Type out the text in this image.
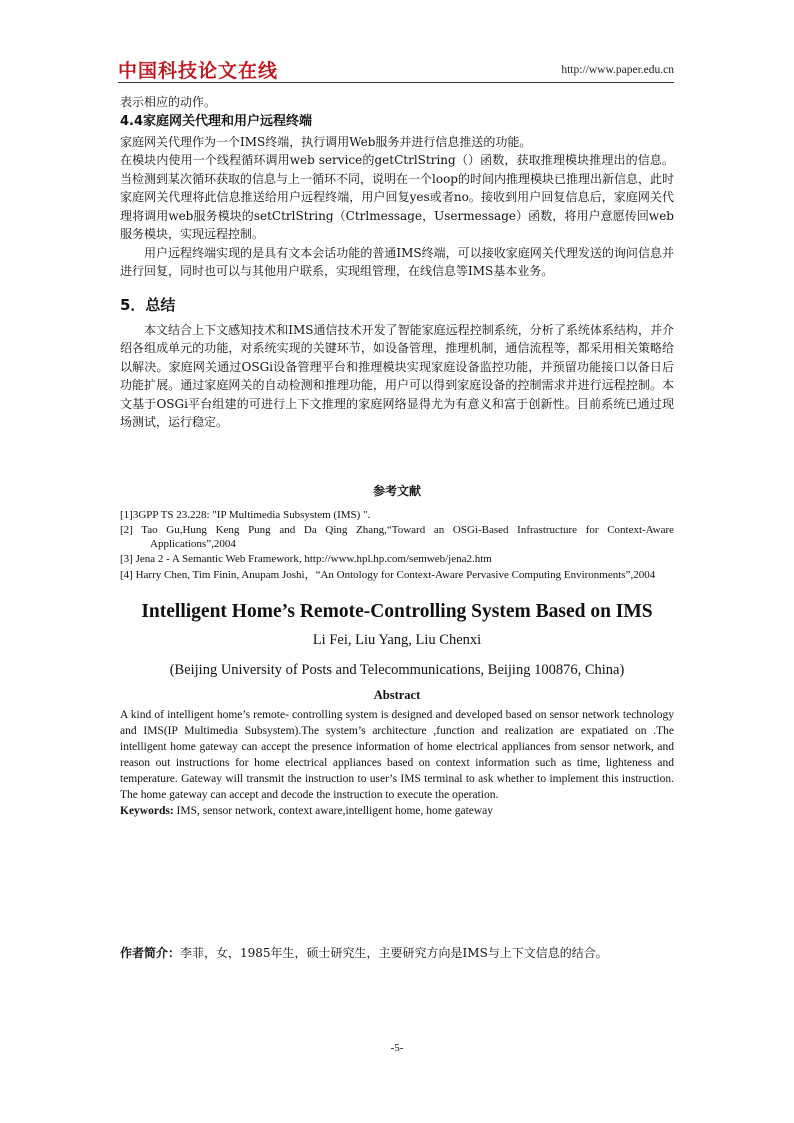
中国科技论文在线	http://www.paper.edu.cn

表示相应的动作。

4.4家庭网关代理和用户远程终端

家庭网关代理作为一个IMS终端，执行调用Web服务并进行信息推送的功能。

在模块内使用一个线程循环调用web service的getCtrlString（）函数，获取推理模块推理出的信息。当检测到某次循环获取的信息与上一循环不同，说明在一个loop的时间内推理模块已推理出新信息，此时家庭网关代理将此信息推送给用户远程终端，用户回复yes或者no。接收到用户回复信息后，家庭网关代理将调用web服务模块的setCtrlString（Ctrlmessage，Usermessage）函数，将用户意愿传回web服务模块，实现远程控制。

用户远程终端实现的是具有文本会话功能的普通IMS终端，可以接收家庭网关代理发送的询问信息并进行回复，同时也可以与其他用户联系，实现组管理，在线信息等IMS基本业务。

5．总结

本文结合上下文感知技术和IMS通信技术开发了智能家庭远程控制系统，分析了系统体系结构，并介绍各组成单元的功能，对系统实现的关键环节，如设备管理，推理机制，通信流程等，都采用相关策略给以解决。家庭网关通过OSGi设备管理平台和推理模块实现家庭设备监控功能，并预留功能接口以备日后功能扩展。通过家庭网关的自动检测和推理功能，用户可以得到家庭设备的控制需求并进行远程控制。本文基于OSGi平台组建的可进行上下文推理的家庭网络显得尤为有意义和富于创新性。目前系统已通过现场测试，运行稳定。

参考文献

[1]3GPP TS 23.228: "IP Multimedia Subsystem (IMS) ".

[2] Tao Gu,Hung Keng Pung and Da Qing Zhang,“Toward an OSGi-Based Infrastructure for Context-Aware Applications”,2004

[3] Jena 2 - A Semantic Web Framework, http://www.hpl.hp.com/semweb/jena2.htm

[4] Harry Chen, Tim Finin, Anupam Joshi，“An Ontology for Context-Aware Pervasive Computing Environments”,2004

Intelligent Home’s Remote-Controlling System Based on IMS
Li Fei, Liu Yang, Liu Chenxi
(Beijing University of Posts and Telecommunications, Beijing 100876, China)
Abstract

A kind of intelligent home’s remote- controlling system is designed and developed based on sensor network technology and IMS(IP Multimedia Subsystem).The system’s architecture ,function and realization are expatiated on .The intelligent home gateway can accept the presence information of home electrical appliances from sensor network, and reason out instructions for home electrical appliances based on context information such as time, lighteness and temperature. Gateway will transmit the instruction to user’s IMS terminal to ask whether to implement this instruction. The home gateway can accept and decode the instruction to execute the operation.

Keywords: IMS, sensor network, context aware,intelligent home, home gateway

作者简介：李菲，女，1985年生，硕士研究生，主要研究方向是IMS与上下文信息的结合。
-5-
